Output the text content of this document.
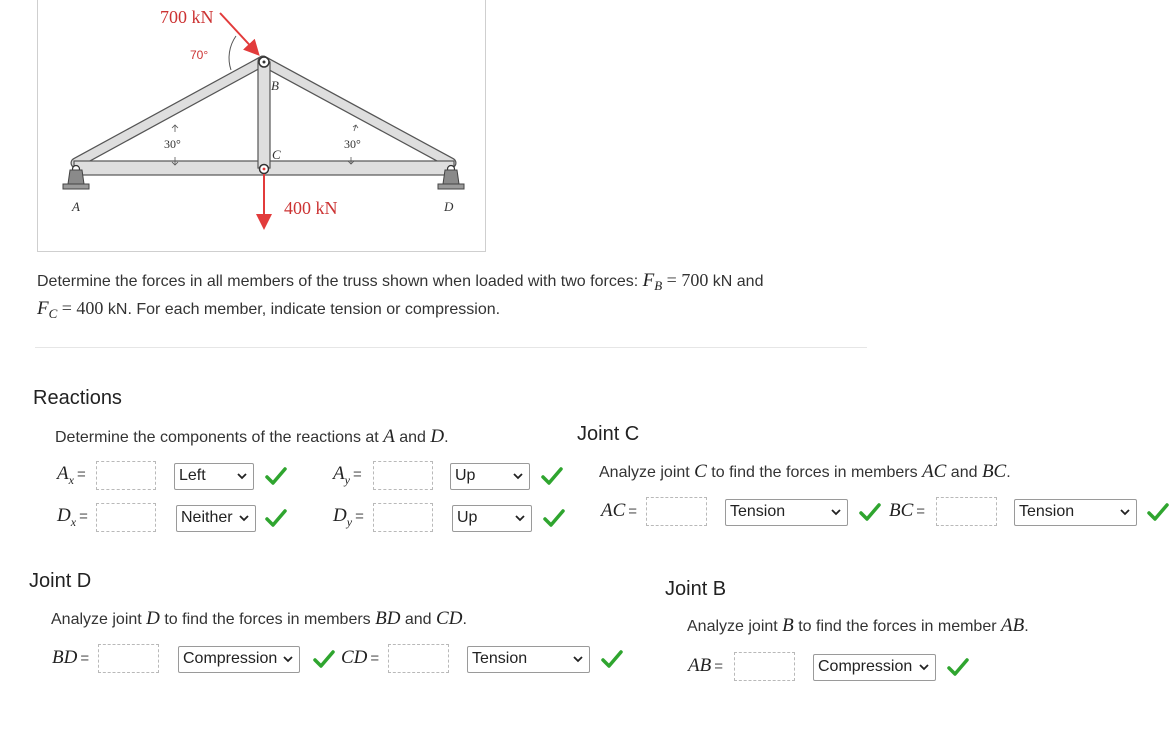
700 kN
70°
400 kN
30°	30°
A
B
C
D
Determine the forces in all members of the truss shown when loaded with two forces: $F_B = 700$ kN and
$F_C = 400$ kN. For each member, indicate tension or compression.
Reactions
Determine the components of the reactions at A and D.
$A_x$ =	Left	$A_y$ =	Up
$D_x$ =	Neither	$D_y$ =	Up
Joint C
Analyze joint C to find the forces in members AC and BC.
AC =	Tension	BC =	Tension
Joint D
Analyze joint D to find the forces in members BD and CD.
BD =	Compression	CD =	Tension
Joint B
Analyze joint B to find the forces in member AB.
AB =	Compression
